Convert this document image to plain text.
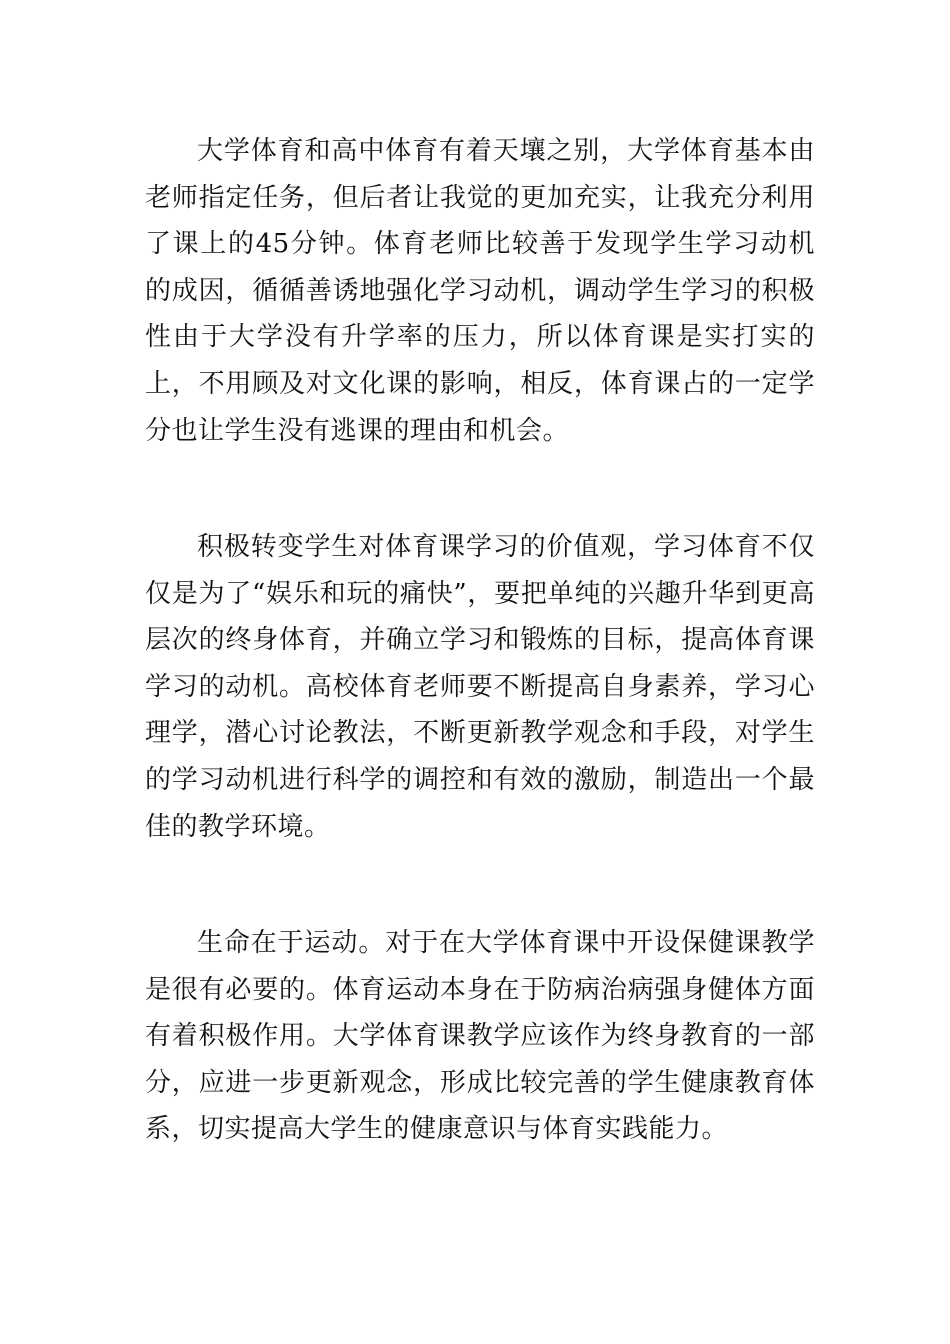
大学体育和高中体育有着天壤之别，大学体育基本由老师指定任务，但后者让我觉的更加充实，让我充分利用了课上的45分钟。体育老师比较善于发现学生学习动机的成因，循循善诱地强化学习动机，调动学生学习的积极性由于大学没有升学率的压力，所以体育课是实打实的上，不用顾及对文化课的影响，相反，体育课占的一定学分也让学生没有逃课的理由和机会。

积极转变学生对体育课学习的价值观，学习体育不仅仅是为了“娱乐和玩的痛快”，要把单纯的兴趣升华到更高层次的终身体育，并确立学习和锻炼的目标，提高体育课学习的动机。高校体育老师要不断提高自身素养，学习心理学，潜心讨论教法，不断更新教学观念和手段，对学生的学习动机进行科学的调控和有效的激励，制造出一个最佳的教学环境。

生命在于运动。对于在大学体育课中开设保健课教学是很有必要的。体育运动本身在于防病治病强身健体方面有着积极作用。大学体育课教学应该作为终身教育的一部分，应进一步更新观念，形成比较完善的学生健康教育体系，切实提高大学生的健康意识与体育实践能力。
